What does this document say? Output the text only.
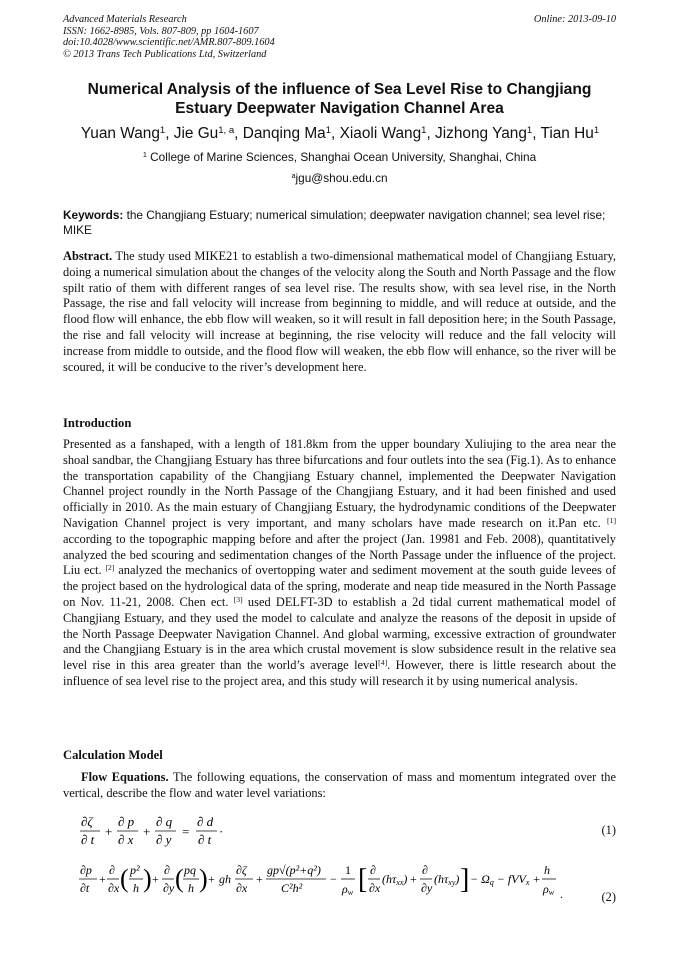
Advanced Materials Research
ISSN: 1662-8985, Vols. 807-809, pp 1604-1607
doi:10.4028/www.scientific.net/AMR.807-809.1604
© 2013 Trans Tech Publications Ltd, Switzerland
Online: 2013-09-10
Numerical Analysis of the influence of Sea Level Rise to Changjiang Estuary Deepwater Navigation Channel Area
Yuan Wang$^1$, Jie Gu$^{1, a}$, Danqing Ma$^1$, Xiaoli Wang$^1$, Jizhong Yang$^1$, Tian Hu$^1$
$^1$ College of Marine Sciences, Shanghai Ocean University, Shanghai, China
$^a$jgu@shou.edu.cn
Keywords: the Changjiang Estuary; numerical simulation; deepwater navigation channel; sea level rise; MIKE
Abstract. The study used MIKE21 to establish a two-dimensional mathematical model of Changjiang Estuary, doing a numerical simulation about the changes of the velocity along the South and North Passage and the flow spilt ratio of them with different ranges of sea level rise. The results show, with sea level rise, in the North Passage, the rise and fall velocity will increase from beginning to middle, and will reduce at outside, and the flood flow will enhance, the ebb flow will weaken, so it will result in fall deposition here; in the South Passage, the rise and fall velocity will increase at beginning, the rise velocity will reduce and the fall velocity will increase from middle to outside, and the flood flow will weaken, the ebb flow will enhance, so the river will be scoured, it will be conducive to the river’s development here.
Introduction
Presented as a fanshaped, with a length of 181.8km from the upper boundary Xuliujing to the area near the shoal sandbar, the Changjiang Estuary has three bifurcations and four outlets into the sea (Fig.1). As to enhance the transportation capability of the Changjiang Estuary channel, implemented the Deepwater Navigation Channel project roundly in the North Passage of the Changjiang Estuary, and it had been finished and used officially in 2010. As the main estuary of Changjiang Estuary, the hydrodynamic conditions of the Deepwater Navigation Channel project is very important, and many scholars have made research on it.Pan etc. [1] according to the topographic mapping before and after the project (Jan. 19981 and Feb. 2008), quantitatively analyzed the bed scouring and sedimentation changes of the North Passage under the influence of the project. Liu ect. [2] analyzed the mechanics of overtopping water and sediment movement at the south guide levees of the project based on the hydrological data of the spring, moderate and neap tide measured in the North Passage on Nov. 11-21, 2008. Chen ect. [3] used DELFT-3D to establish a 2d tidal current mathematical model of Changjiang Estuary, and they used the model to calculate and analyze the reasons of the deposit in upside of the North Passage Deepwater Navigation Channel. And global warming, excessive extraction of groundwater and the Changjiang Estuary is in the area which crustal movement is slow subsidence result in the relative sea level rise in this area greater than the world’s average level[4]. However, there is little research about the influence of sea level rise to the project area, and this study will research it by using numerical analysis.
Calculation Model
Flow Equations. The following equations, the conservation of mass and momentum integrated over the vertical, describe the flow and water level variations:
∂ζ
∂ t
+
∂ p
∂ x
+
∂ q
∂ y
=
∂ d
∂ t
·	(1)
∂p
∂t
+
∂
∂x ( p²
h ) +
∂
∂y ( pq
h ) + gh
∂ζ
∂x
+
gp√(p²+q²)
C²h²
−
1
ρw [ ∂
∂x
(hτxx) +
∂
∂y
(hτxy) ] − Ωq − fVVx +
h
ρw .	(2)
